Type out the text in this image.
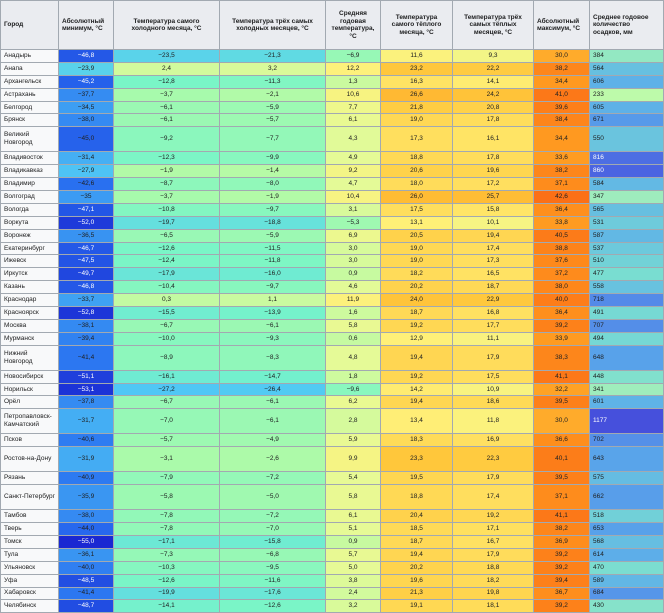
Город	Абсолютный минимум, °C	Температура самого холодного месяца, °C	Температура трёх самых холодных месяцев, °C	Средняя годовая температура, °C	Температура самого тёплого месяца, °C	Температура трёх самых тёплых месяцев, °C	Абсолютный максимум, °C	Среднее годовое количество осадков, мм
Анадырь	−46,8	−23,5	−21,3	−6,9	11,6	9,3	30,0	384
Анапа	−23,9	2,4	3,2	12,2	23,2	22,2	38,2	564
Архангельск	−45,2	−12,8	−11,3	1,3	16,3	14,1	34,4	606
Астрахань	−37,7	−3,7	−2,1	10,6	26,6	24,2	41,0	233
Белгород	−34,5	−6,1	−5,9	7,7	21,8	20,8	39,6	605
Брянск	−38,0	−6,1	−5,7	6,1	19,0	17,8	38,4	671
Великий Новгород	−45,0	−9,2	−7,7	4,3	17,3	16,1	34,4	550
Владивосток	−31,4	−12,3	−9,9	4,9	18,8	17,8	33,6	816
Владикавказ	−27,9	−1,9	−1,4	9,2	20,6	19,6	38,2	860
Владимир	−42,6	−8,7	−8,0	4,7	18,0	17,2	37,1	584
Волгоград	−35	−3,7	−1,9	10,4	26,0	25,7	42,6	347
Вологда	−47,1	−10,8	−9,7	3,1	17,5	15,8	36,4	565
Воркута	−52,0	−19,7	−18,8	−5,3	13,1	10,1	33,8	531
Воронеж	−36,5	−6,5	−5,9	6,9	20,5	19,4	40,5	587
Екатеринбург	−46,7	−12,6	−11,5	3,0	19,0	17,4	38,8	537
Ижевск	−47,5	−12,4	−11,8	3,0	19,0	17,3	37,6	510
Иркутск	−49,7	−17,9	−16,0	0,9	18,2	16,5	37,2	477
Казань	−46,8	−10,4	−9,7	4,6	20,2	18,7	38,0	558
Краснодар	−33,7	0,3	1,1	11,9	24,0	22,9	40,0	718
Красноярск	−52,8	−15,5	−13,9	1,6	18,7	16,8	36,4	491
Москва	−38,1	−6,7	−6,1	5,8	19,2	17,7	39,2	707
Мурманск	−39,4	−10,0	−9,3	0,6	12,9	11,1	33,9	494
Нижний Новгород	−41,4	−8,9	−8,3	4,8	19,4	17,9	38,3	648
Новосибирск	−51,1	−16,1	−14,7	1,8	19,2	17,5	41,1	448
Норильск	−53,1	−27,2	−26,4	−9,6	14,2	10,9	32,2	341
Орёл	−37,8	−6,7	−6,1	6,2	19,4	18,6	39,5	601
Петропавловск-Камчатский	−31,7	−7,0	−6,1	2,8	13,4	11,8	30,0	1177
Псков	−40,6	−5,7	−4,9	5,9	18,3	16,9	36,6	702
Ростов-на-Дону	−31,9	−3,1	−2,6	9,9	23,3	22,3	40,1	643
Рязань	−40,9	−7,9	−7,2	5,4	19,5	17,9	39,5	575
Санкт-Петербург	−35,9	−5,8	−5,0	5,8	18,8	17,4	37,1	662
Тамбов	−38,0	−7,8	−7,2	6,1	20,4	19,2	41,1	518
Тверь	−44,0	−7,8	−7,0	5,1	18,5	17,1	38,2	653
Томск	−55,0	−17,1	−15,8	0,9	18,7	16,7	36,9	568
Тула	−36,1	−7,3	−6,8	5,7	19,4	17,9	39,2	614
Ульяновск	−40,0	−10,3	−9,5	5,0	20,2	18,8	39,2	470
Уфа	−48,5	−12,6	−11,6	3,8	19,6	18,2	39,4	589
Хабаровск	−41,4	−19,9	−17,6	2,4	21,3	19,8	36,7	684
Челябинск	−48,7	−14,1	−12,6	3,2	19,1	18,1	39,2	430
